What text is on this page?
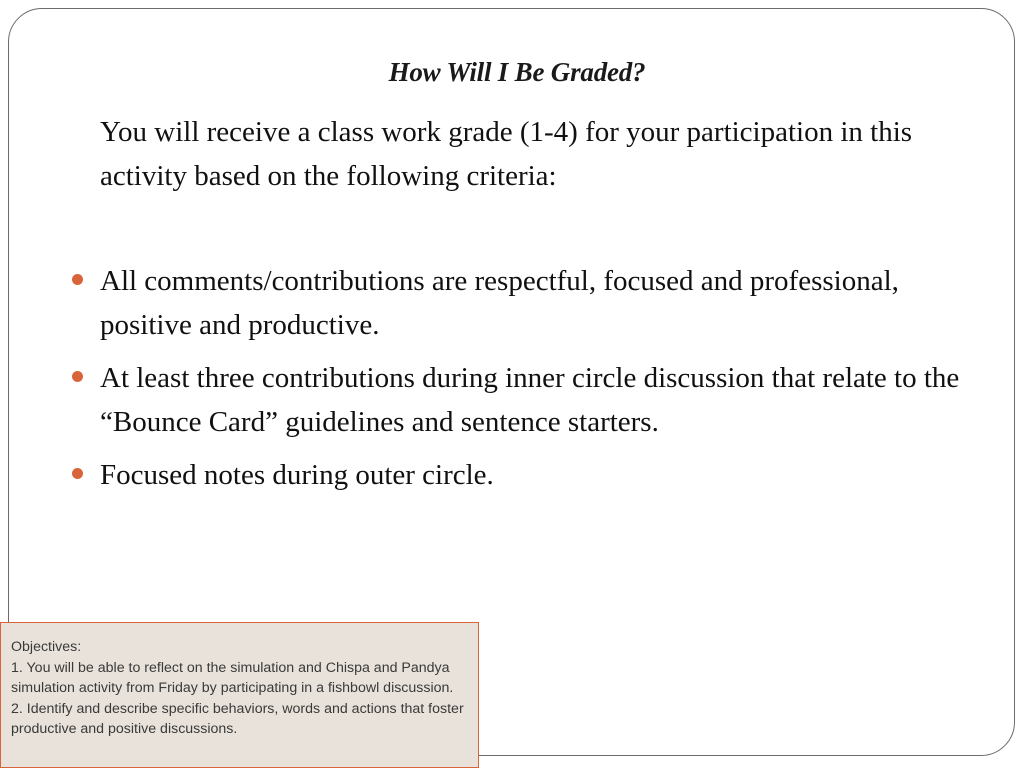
How Will I Be Graded?

You will receive a class work grade (1-4) for your participation in this activity based on the following criteria:

All comments/contributions are respectful, focused and professional, positive and productive.
At least three contributions during inner circle discussion that relate to the “Bounce Card” guidelines and sentence starters.
Focused notes during outer circle.
Objectives:
1. You will be able to reflect on the simulation and Chispa and Pandya simulation activity from Friday by participating in a fishbowl discussion.
2. Identify and describe specific behaviors, words and actions that foster productive and positive discussions.
